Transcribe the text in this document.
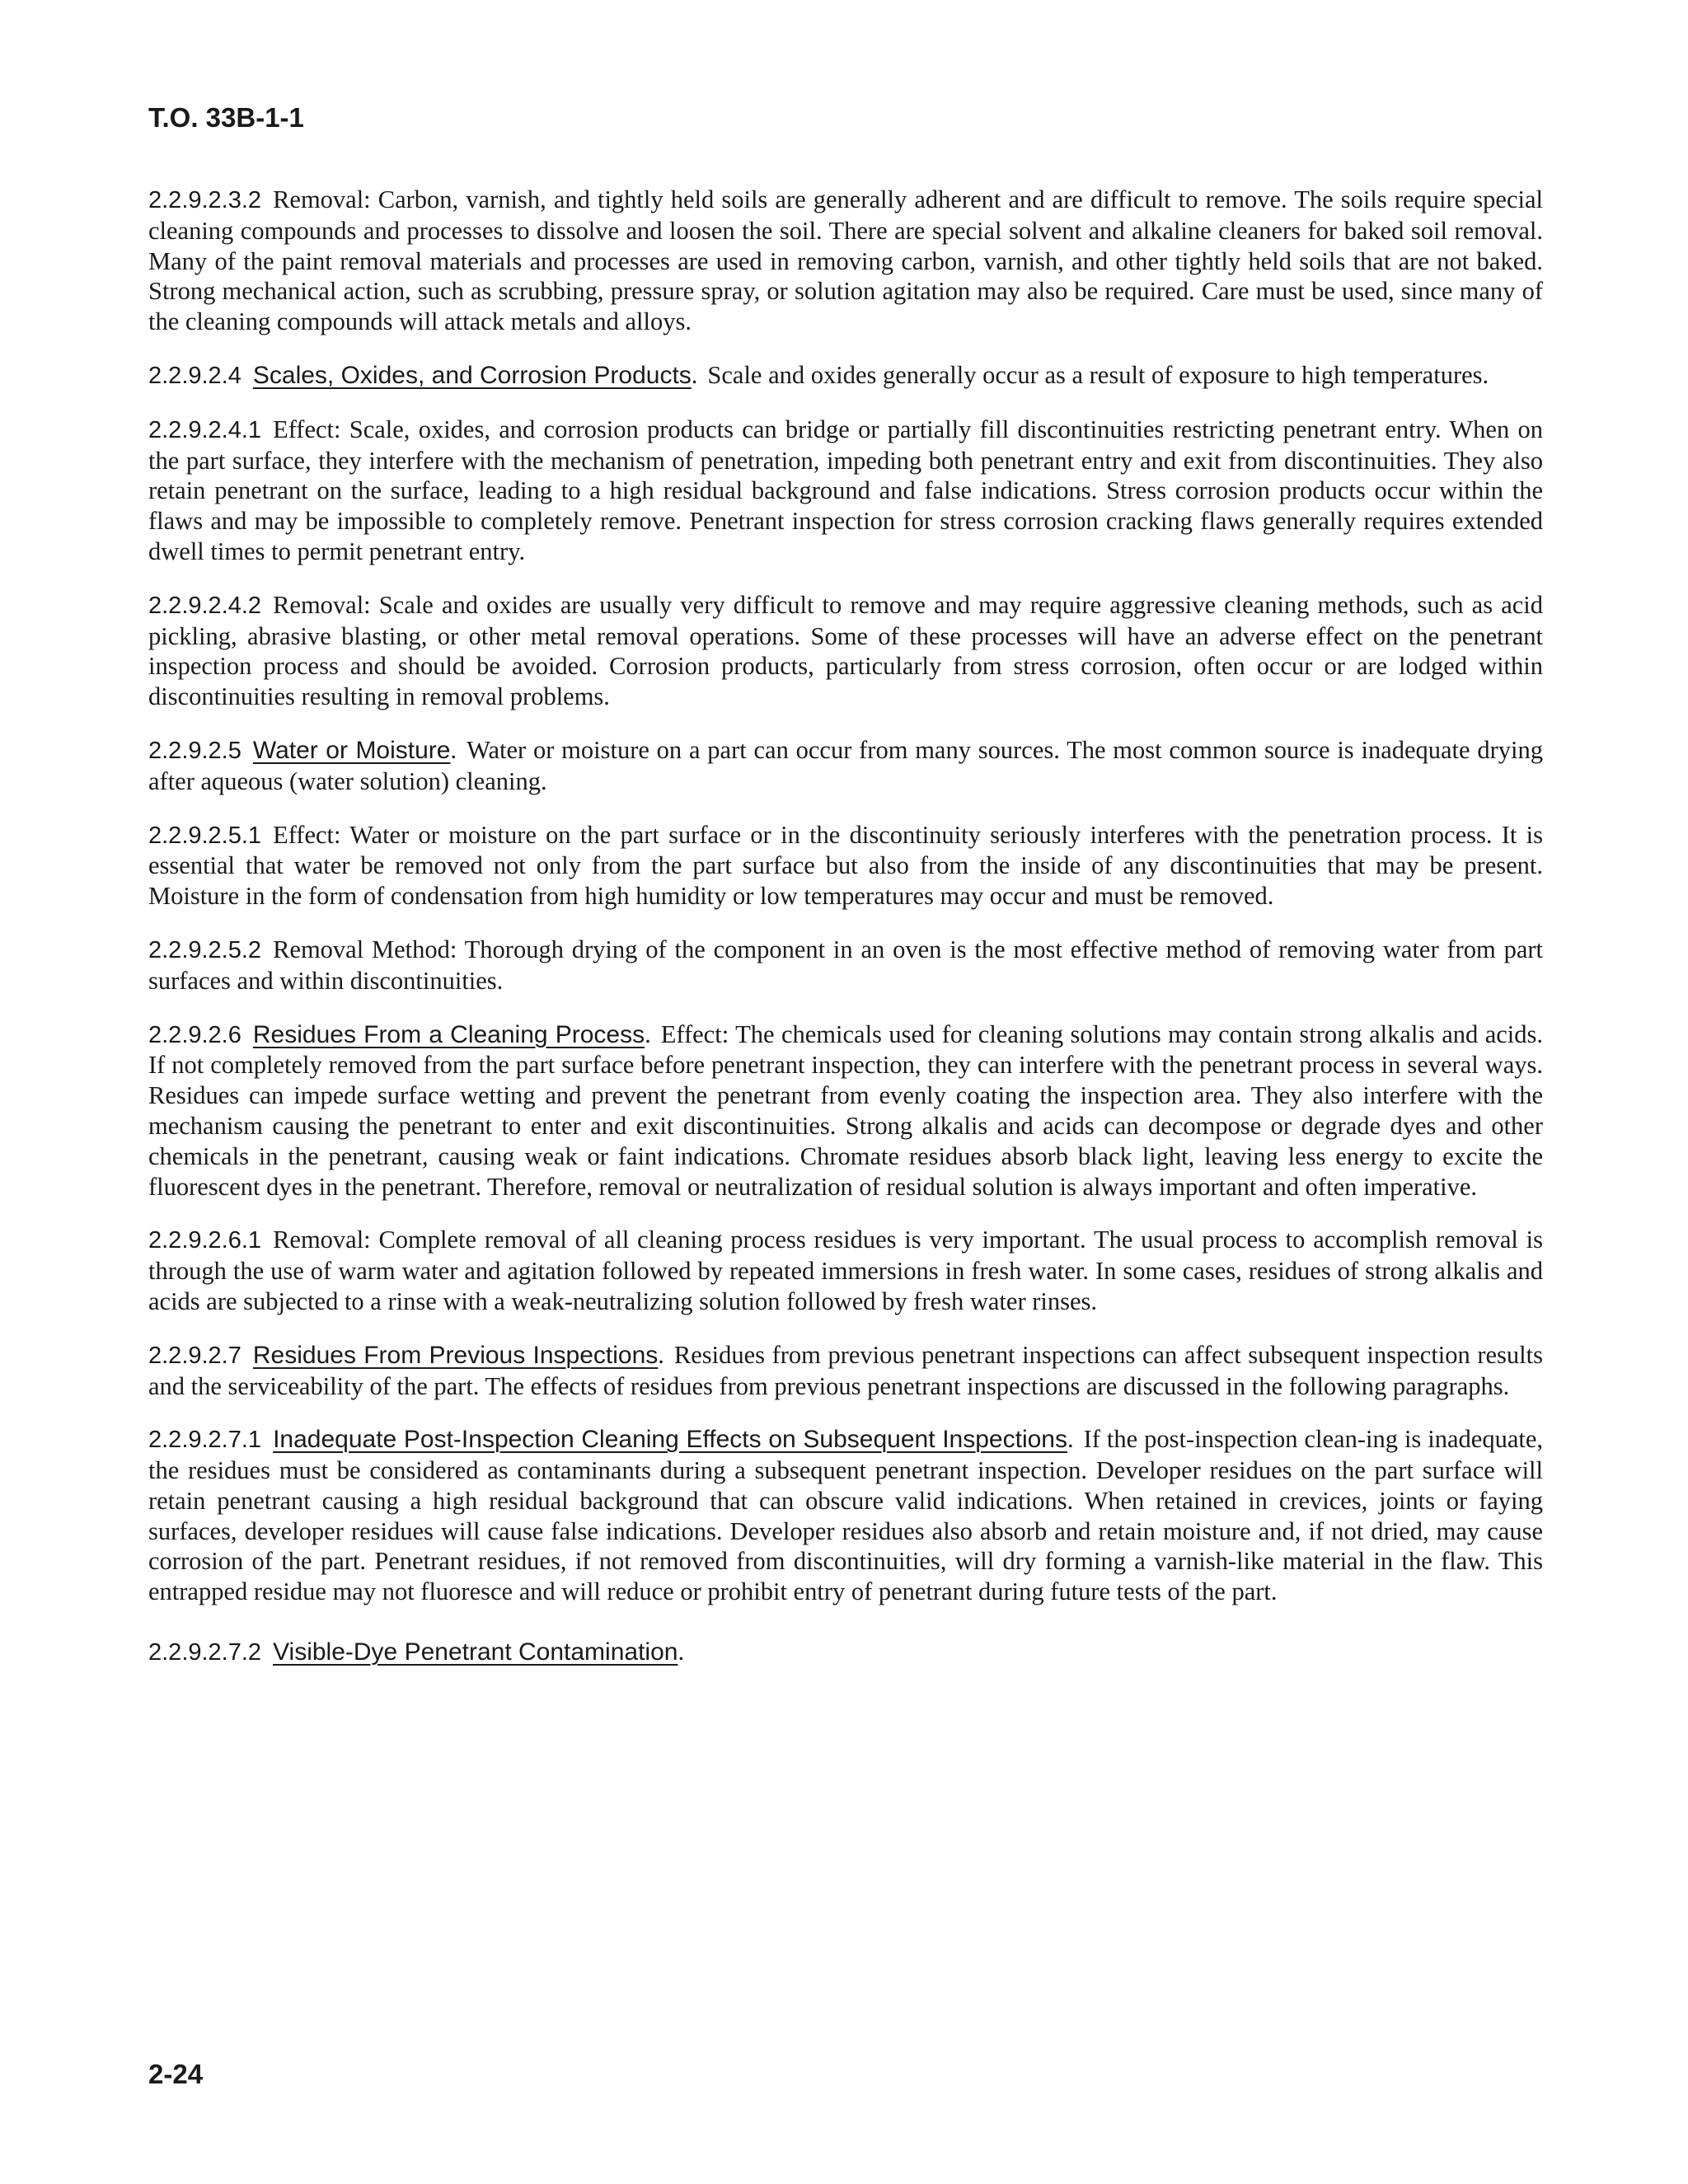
T.O. 33B-1-1

2.2.9.2.3.2 Removal: Carbon, varnish, and tightly held soils are generally adherent and are difficult to remove. The soils require special cleaning compounds and processes to dissolve and loosen the soil. There are special solvent and alkaline cleaners for baked soil removal. Many of the paint removal materials and processes are used in removing carbon, varnish, and other tightly held soils that are not baked. Strong mechanical action, such as scrubbing, pressure spray, or solution agitation may also be required. Care must be used, since many of the cleaning compounds will attack metals and alloys.

2.2.9.2.4 Scales, Oxides, and Corrosion Products. Scale and oxides generally occur as a result of exposure to high temperatures.

2.2.9.2.4.1 Effect: Scale, oxides, and corrosion products can bridge or partially fill discontinuities restricting penetrant entry. When on the part surface, they interfere with the mechanism of penetration, impeding both penetrant entry and exit from discontinuities. They also retain penetrant on the surface, leading to a high residual background and false indications. Stress corrosion products occur within the flaws and may be impossible to completely remove. Penetrant inspection for stress corrosion cracking flaws generally requires extended dwell times to permit penetrant entry.

2.2.9.2.4.2 Removal: Scale and oxides are usually very difficult to remove and may require aggressive cleaning methods, such as acid pickling, abrasive blasting, or other metal removal operations. Some of these processes will have an adverse effect on the penetrant inspection process and should be avoided. Corrosion products, particularly from stress corrosion, often occur or are lodged within discontinuities resulting in removal problems.

2.2.9.2.5 Water or Moisture. Water or moisture on a part can occur from many sources. The most common source is inadequate drying after aqueous (water solution) cleaning.

2.2.9.2.5.1 Effect: Water or moisture on the part surface or in the discontinuity seriously interferes with the penetration process. It is essential that water be removed not only from the part surface but also from the inside of any discontinuities that may be present. Moisture in the form of condensation from high humidity or low temperatures may occur and must be removed.

2.2.9.2.5.2 Removal Method: Thorough drying of the component in an oven is the most effective method of removing water from part surfaces and within discontinuities.

2.2.9.2.6 Residues From a Cleaning Process. Effect: The chemicals used for cleaning solutions may contain strong alkalis and acids. If not completely removed from the part surface before penetrant inspection, they can interfere with the penetrant process in several ways. Residues can impede surface wetting and prevent the penetrant from evenly coating the inspection area. They also interfere with the mechanism causing the penetrant to enter and exit discontinuities. Strong alkalis and acids can decompose or degrade dyes and other chemicals in the penetrant, causing weak or faint indications. Chromate residues absorb black light, leaving less energy to excite the fluorescent dyes in the penetrant. Therefore, removal or neutralization of residual solution is always important and often imperative.

2.2.9.2.6.1 Removal: Complete removal of all cleaning process residues is very important. The usual process to accomplish removal is through the use of warm water and agitation followed by repeated immersions in fresh water. In some cases, residues of strong alkalis and acids are subjected to a rinse with a weak-neutralizing solution followed by fresh water rinses.

2.2.9.2.7 Residues From Previous Inspections. Residues from previous penetrant inspections can affect subsequent inspection results and the serviceability of the part. The effects of residues from previous penetrant inspections are discussed in the following paragraphs.

2.2.9.2.7.1 Inadequate Post-Inspection Cleaning Effects on Subsequent Inspections. If the post-inspection clean-ing is inadequate, the residues must be considered as contaminants during a subsequent penetrant inspection. Developer residues on the part surface will retain penetrant causing a high residual background that can obscure valid indications. When retained in crevices, joints or faying surfaces, developer residues will cause false indications. Developer residues also absorb and retain moisture and, if not dried, may cause corrosion of the part. Penetrant residues, if not removed from discontinuities, will dry forming a varnish-like material in the flaw. This entrapped residue may not fluoresce and will reduce or prohibit entry of penetrant during future tests of the part.

2.2.9.2.7.2 Visible-Dye Penetrant Contamination.

2-24
